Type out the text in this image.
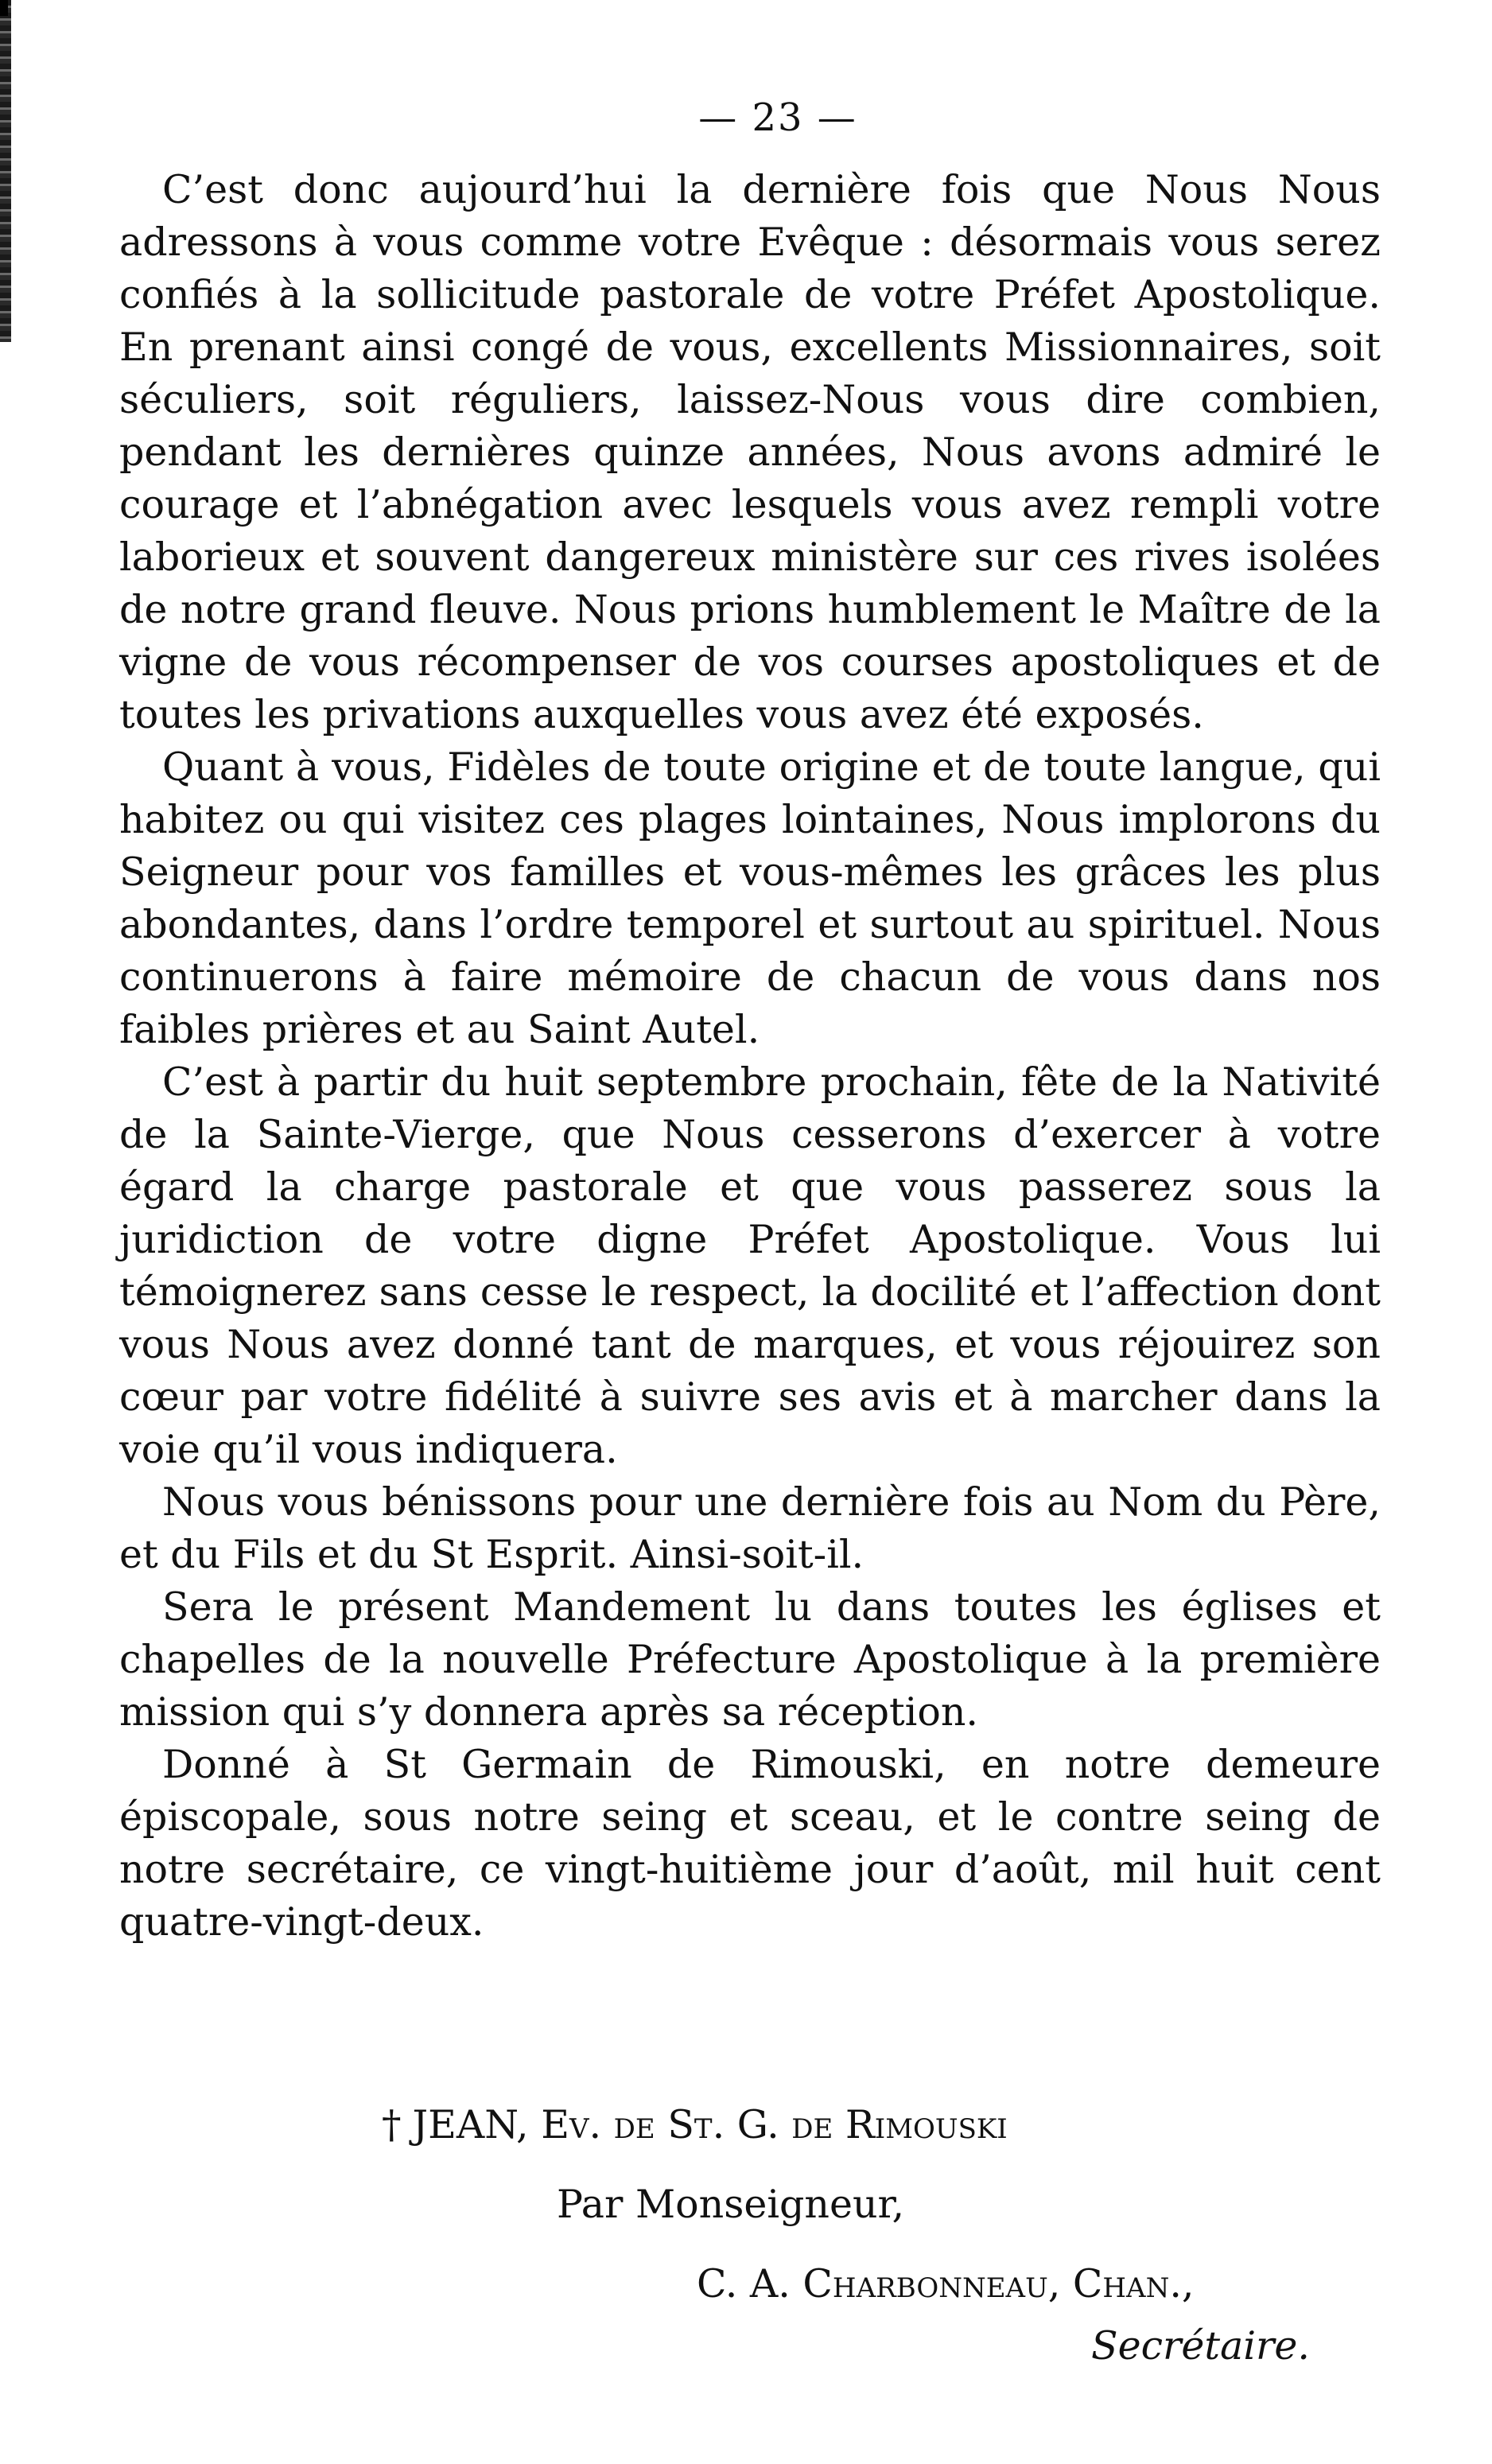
— 23 —

C’est donc aujourd’hui la dernière fois que Nous Nous adressons à vous comme votre Evêque : désormais vous serez confiés à la sollicitude pastorale de votre Préfet Apostolique. En prenant ainsi congé de vous, excellents Missionnaires, soit séculiers, soit réguliers, laissez-Nous vous dire combien, pendant les dernières quinze années, Nous avons admiré le courage et l’abnégation avec lesquels vous avez rempli votre laborieux et souvent dangereux ministère sur ces rives isolées de notre grand fleuve. Nous prions humblement le Maître de la vigne de vous récompenser de vos courses apostoliques et de toutes les privations auxquelles vous avez été exposés.

Quant à vous, Fidèles de toute origine et de toute langue, qui habitez ou qui visitez ces plages lointaines, Nous implorons du Seigneur pour vos familles et vous-mêmes les grâces les plus abondantes, dans l’ordre temporel et surtout au spirituel. Nous continuerons à faire mémoire de chacun de vous dans nos faibles prières et au Saint Autel.

C’est à partir du huit septembre prochain, fête de la Nativité de la Sainte-Vierge, que Nous cesserons d’exercer à votre égard la charge pastorale et que vous passerez sous la juridiction de votre digne Préfet Apostolique. Vous lui témoignerez sans cesse le respect, la docilité et l’affection dont vous Nous avez donné tant de marques, et vous réjouirez son cœur par votre fidélité à suivre ses avis et à marcher dans la voie qu’il vous indiquera.

Nous vous bénissons pour une dernière fois au Nom du Père, et du Fils et du St Esprit. Ainsi-soit-il.

Sera le présent Mandement lu dans toutes les églises et chapelles de la nouvelle Préfecture Apostolique à la première mission qui s’y donnera après sa réception.

Donné à St Germain de Rimouski, en notre demeure épiscopale, sous notre seing et sceau, et le contre seing de notre secrétaire, ce vingt-huitième jour d’août, mil huit cent quatre-vingt-deux.

† JEAN, Ev. de St. G. de Rimouski
Par Monseigneur,
C. A. Charbonneau, Chan.,
Secrétaire.
